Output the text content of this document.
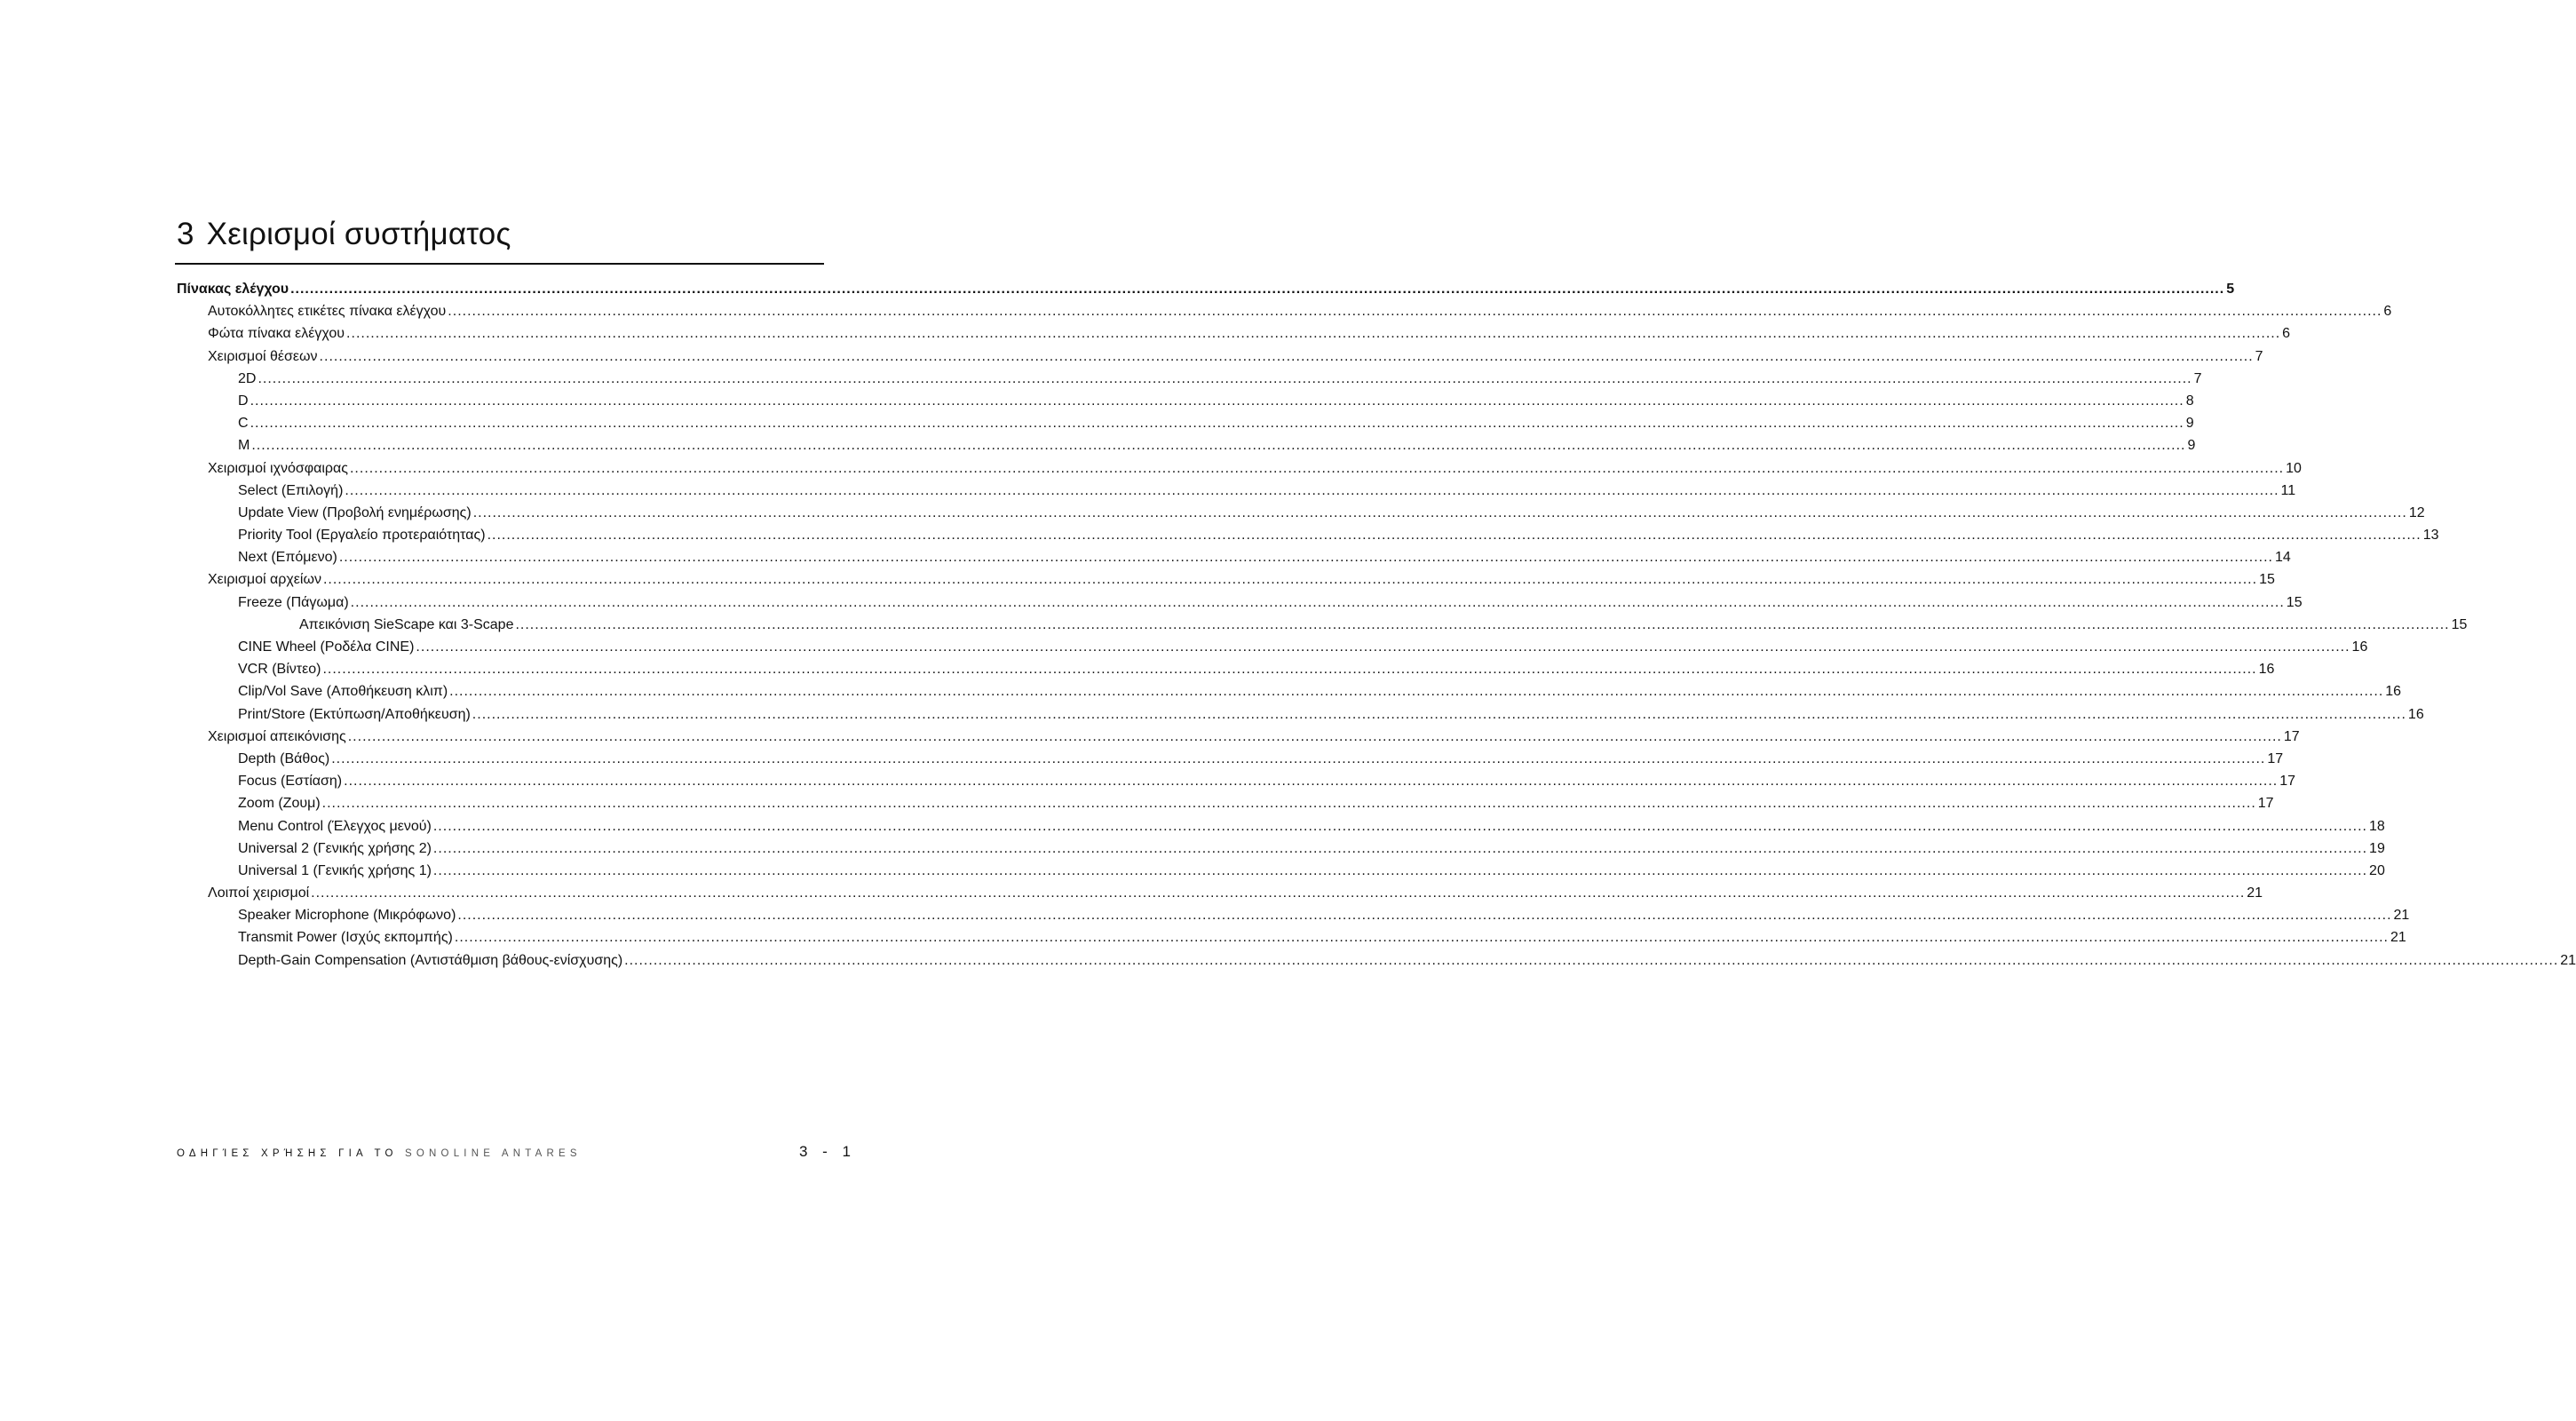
3 Χειρισμοί συστήματος
Πίνακας ελέγχου ................................................................................................................................................................................................................................................................................................................................................................................................................ 5
Αυτοκόλλητες ετικέτες πίνακα ελέγχου ................................................................................................................................................................................................................................................................................................................................................................................................................ 6
Φώτα πίνακα ελέγχου ................................................................................................................................................................................................................................................................................................................................................................................................................ 6
Χειρισμοί θέσεων ................................................................................................................................................................................................................................................................................................................................................................................................................ 7
2D ................................................................................................................................................................................................................................................................................................................................................................................................................ 7
D ................................................................................................................................................................................................................................................................................................................................................................................................................ 8
C ................................................................................................................................................................................................................................................................................................................................................................................................................ 9
M ................................................................................................................................................................................................................................................................................................................................................................................................................ 9
Χειρισμοί ιχνόσφαιρας ................................................................................................................................................................................................................................................................................................................................................................................................................ 10
Select (Επιλογή) ................................................................................................................................................................................................................................................................................................................................................................................................................ 11
Update View (Προβολή ενημέρωσης) ................................................................................................................................................................................................................................................................................................................................................................................................................ 12
Priority Tool (Εργαλείο προτεραιότητας) ................................................................................................................................................................................................................................................................................................................................................................................................................ 13
Next (Επόμενο) ................................................................................................................................................................................................................................................................................................................................................................................................................ 14
Χειρισμοί αρχείων ................................................................................................................................................................................................................................................................................................................................................................................................................ 15
Freeze (Πάγωμα) ................................................................................................................................................................................................................................................................................................................................................................................................................ 15
Απεικόνιση SieScape και 3-Scape ................................................................................................................................................................................................................................................................................................................................................................................................................ 15
CINE Wheel (Ροδέλα CINE) ................................................................................................................................................................................................................................................................................................................................................................................................................ 16
VCR (Βίντεο) ................................................................................................................................................................................................................................................................................................................................................................................................................ 16
Clip/Vol Save (Αποθήκευση κλιπ) ................................................................................................................................................................................................................................................................................................................................................................................................................ 16
Print/Store (Εκτύπωση/Αποθήκευση) ................................................................................................................................................................................................................................................................................................................................................................................................................ 16
Χειρισμοί απεικόνισης ................................................................................................................................................................................................................................................................................................................................................................................................................ 17
Depth (Βάθος) ................................................................................................................................................................................................................................................................................................................................................................................................................ 17
Focus (Εστίαση) ................................................................................................................................................................................................................................................................................................................................................................................................................ 17
Zoom (Ζουμ) ................................................................................................................................................................................................................................................................................................................................................................................................................ 17
Menu Control (Έλεγχος μενού) ................................................................................................................................................................................................................................................................................................................................................................................................................ 18
Universal 2 (Γενικής χρήσης 2) ................................................................................................................................................................................................................................................................................................................................................................................................................ 19
Universal 1 (Γενικής χρήσης 1) ................................................................................................................................................................................................................................................................................................................................................................................................................ 20
Λοιποί χειρισμοί ................................................................................................................................................................................................................................................................................................................................................................................................................ 21
Speaker Microphone (Μικρόφωνο) ................................................................................................................................................................................................................................................................................................................................................................................................................ 21
Transmit Power (Ισχύς εκπομπής) ................................................................................................................................................................................................................................................................................................................................................................................................................ 21
Depth-Gain Compensation (Αντιστάθμιση βάθους-ενίσχυσης) ................................................................................................................................................................................................................................................................................................................................................................................................................ 21
ΟΔΗΓΊΕΣ ΧΡΉΣΗΣ ΓΙΑ ΤΟ SONOLINE ANTARES	3 - 1
